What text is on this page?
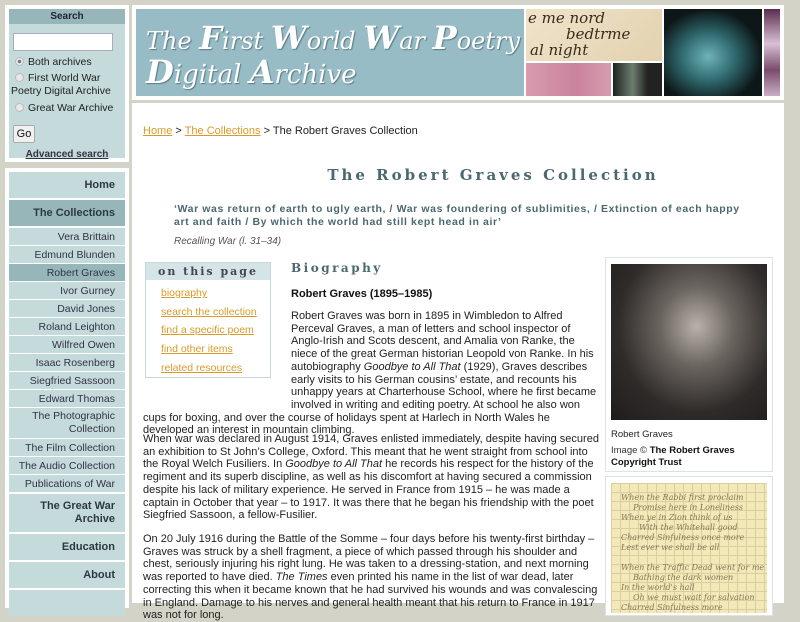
Search
Both archives
First World War
Poetry Digital Archive
Great War Archive
Go
Advanced search
Home
The Collections
Vera Brittain
Edmund Blunden
Robert Graves
Ivor Gurney
David Jones
Roland Leighton
Wilfred Owen
Isaac Rosenberg
Siegfried Sassoon
Edward Thomas
The Photographic Collection
The Film Collection
The Audio Collection
Publications of War
The Great War Archive
Education
About
The First World War Poetry
Digital Archive
e me nord
bedtrme
al night
Home > The Collections > The Robert Graves Collection
The Robert Graves Collection
‘War was return of earth to ugly earth, / War was foundering of sublimities, / Extinction of each happy art and faith / By which the world had still kept head in air’
Recalling War (l. 31–34)
on this page
biography
search the collection
find a specific poem
find other items
related resources
Biography
Robert Graves (1895–1985)
Robert Graves was born in 1895 in Wimbledon to Alfred Perceval Graves, a man of letters and school inspector of Anglo-Irish and Scots descent, and Amalia von Ranke, the niece of the great German historian Leopold von Ranke. In his autobiography Goodbye to All That (1929), Graves describes early visits to his German cousins’ estate, and recounts his unhappy years at Charterhouse School, where he first became involved in writing and editing poetry. At school he also won cups for boxing, and over the course of holidays spent at Harlech in North Wales he developed an interest in mountain climbing.
When war was declared in August 1914, Graves enlisted immediately, despite having secured an exhibition to St John’s College, Oxford. This meant that he went straight from school into the Royal Welch Fusiliers. In Goodbye to All That he records his respect for the history of the regiment and its superb discipline, as well as his discomfort at having secured a commission despite his lack of military experience. He served in France from 1915 – he was made a captain in October that year – to 1917. It was there that he began his friendship with the poet Siegfried Sassoon, a fellow-Fusilier.
On 20 July 1916 during the Battle of the Somme – four days before his twenty-first birthday – Graves was struck by a shell fragment, a piece of which passed through his shoulder and chest, seriously injuring his right lung. He was taken to a dressing-station, and next morning was reported to have died. The Times even printed his name in the list of war dead, later correcting this when it became known that he had survived his wounds and was convalescing in England. Damage to his nerves and general health meant that his return to France in 1917 was not for long.
Robert Graves
Image © The Robert Graves Copyright Trust
When the Rabbi first proclaim
Promise here in Loneliness
When ye in Zion think of us
With the Whitehall good
Charred Sinfulness once more
Lest ever we shall be all
When the Traffic Dead went for me
Bathing the dark women
In the world's hall
Oh we must wait for salvation
Charred Sinfulness more
